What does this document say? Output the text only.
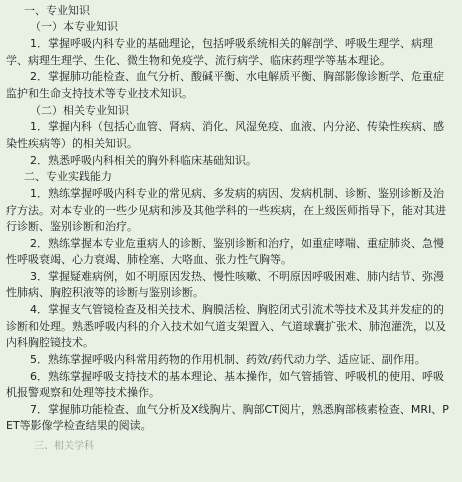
一、专业知识
（一）本专业知识

1．掌握呼吸内科专业的基础理论，包括呼吸系统相关的解剖学、呼吸生理学、病理学、病理生理学、生化、微生物和免疫学、流行病学、临床药理学等基本理论。

2．掌握肺功能检查、血气分析、酸碱平衡、水电解质平衡、胸部影像诊断学、危重症监护和生命支持技术等专业技术知识。

（二）相关专业知识

1．掌握内科（包括心血管、肾病、消化、风湿免疫、血液、内分泌、传染性疾病、感染性疾病等）的相关知识。

2．熟悉呼吸内科相关的胸外科临床基础知识。

二、专业实践能力

1．熟练掌握呼吸内科专业的常见病、多发病的病因、发病机制、诊断、鉴别诊断及治疗方法。对本专业的一些少见病和涉及其他学科的一些疾病，在上级医师指导下，能对其进行诊断、鉴别诊断和治疗。

2．熟练掌握本专业危重病人的诊断、鉴别诊断和治疗，如重症哮喘、重症肺炎、急慢性呼吸衰竭、心力衰竭、肺栓塞、大咯血、张力性气胸等。

3．掌握疑难病例，如不明原因发热、慢性咳嗽、不明原因呼吸困难、肺内结节、弥漫性肺病、胸腔积液等的诊断与鉴别诊断。

4．掌握支气管镜检查及相关技术、胸膜活检、胸腔闭式引流术等技术及其并发症的的诊断和处理。熟悉呼吸内科的介入技术如气道支架置入、气道球囊扩张术、肺泡灌洗，以及内科胸腔镜技术。

5．熟练掌握呼吸内科常用药物的作用机制、药效/药代动力学、适应证、副作用。

6．熟练掌握呼吸支持技术的基本理论、基本操作，如气管插管、呼吸机的使用、呼吸机报警观察和处理等技术操作。

7．掌握肺功能检查、血气分析及X线胸片、胸部CT阅片，熟悉胸部核素检查、MRI、PET等影像学检查结果的阅读。

三、相关学科
